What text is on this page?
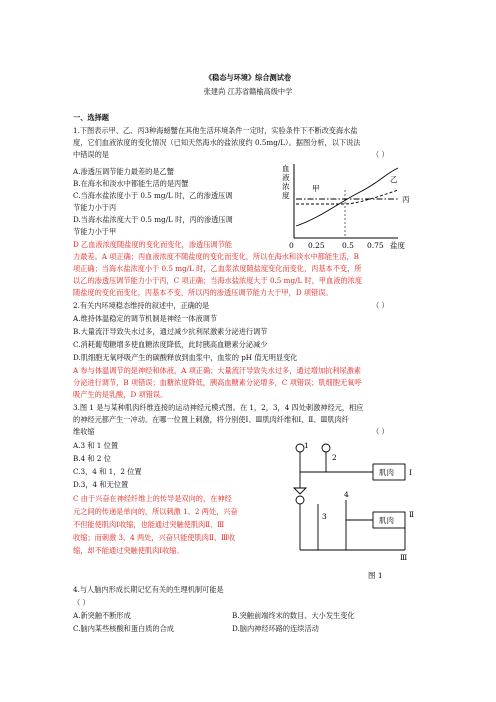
《稳态与环境》综合测试卷
张建尚 江苏省赣榆高级中学
一、选择题
1.下图表示甲、乙、丙3种海螃蟹在其他生活环境条件一定时，实验条件下不断改变海水盐
度，它们血液浓度的变化情况（已知天然海水的盐浓度约 0.5mg/L）。据图分析，以下说法
中错误的是	（ ）
A.渗透压调节能力最差的是乙蟹
B.在海水和淡水中都能生活的是丙蟹
C.当海水盐浓度小于 0.5 mg/L 时，乙的渗透压调
节能力小于丙
D.当海水盐浓度大于 0.5 mg/L 时，丙的渗透压调
节能力小于甲
血
液
浓
度
甲
乙
丙
0 0.25 0.5 0.75 盐度
D 乙血液浓度随盐度的变化而变化，渗透压调节能
力最差。A 项正确；丙血液浓度不随盐度的变化而变化，所以在海水和淡水中都能生活，B
项正确；当海水盐浓度小于 0.5 mg/L 时，乙血浆浓度随盐度变化而变化，丙基本不变，所
以乙的渗透压调节能力小于丙，C 项正确；当海水盐浓度大于 0.5 mg/L 时，甲血液的浓度
随盐度的变化而变化，丙基本不变，所以丙的渗透压调节能力大于甲，D 项错误。
2.有关内环境稳态维持的叙述中，正确的是	（ ）
A.维持体温稳定的调节机制是神经一体液调节
B.大量流汗导致失水过多，通过减少抗利尿激素分泌进行调节
C.消耗葡萄糖增多使血糖浓度降低，此时胰高血糖素分泌减少
D.肌细胞无氧呼吸产生的碳酸释放到血浆中，血浆的 pH 值无明显变化
A 参与体温调节的是神经和体液，A 项正确；大量流汗导致失水过多，通过增加抗利尿激素
分泌进行调节，B 项错误；血糖浓度降低，胰高血糖素分泌增多，C 项错误；肌细胞无氧呼
吸产生的是乳酸，D 项错误。
3.图 1 是与某种肌肉纤维连接的运动神经元模式图。在 1，2，3，4 四处刺激神经元，相应
的神经元都产生一冲动。在哪一位置上刺激，将分别使Ⅰ、Ⅲ肌肉纤维和Ⅰ、Ⅱ、Ⅲ肌肉纤
维收缩	（ ）
A.3 和 1 位置
B.4 和 2 位
C.3，4 和 1，2 位置
D.3，4 和无位置
C 由于兴奋在神经纤维上的传导是双向的，在神经
元之间的传递是单向的，所以刺激 1、2 两处，兴奋
不但能使肌肉Ⅰ收缩，也能通过突触使肌肉Ⅱ、Ⅲ
收缩；而刺激 3、4 两处，兴奋只能使肌肉Ⅱ、Ⅲ收
缩，却不能通过突触使肌肉Ⅰ收缩。
1
2
肌肉 Ⅰ
3
4
肌肉
Ⅱ
Ⅲ
图 1
4.与人脑内形成长期记忆有关的生理机制可能是
（ ）
A.新突触不断形成	B.突触前端终末的数目、大小发生变化
C.脑内某些核酸和蛋白质的合成	D.脑内神经环路的连续活动
